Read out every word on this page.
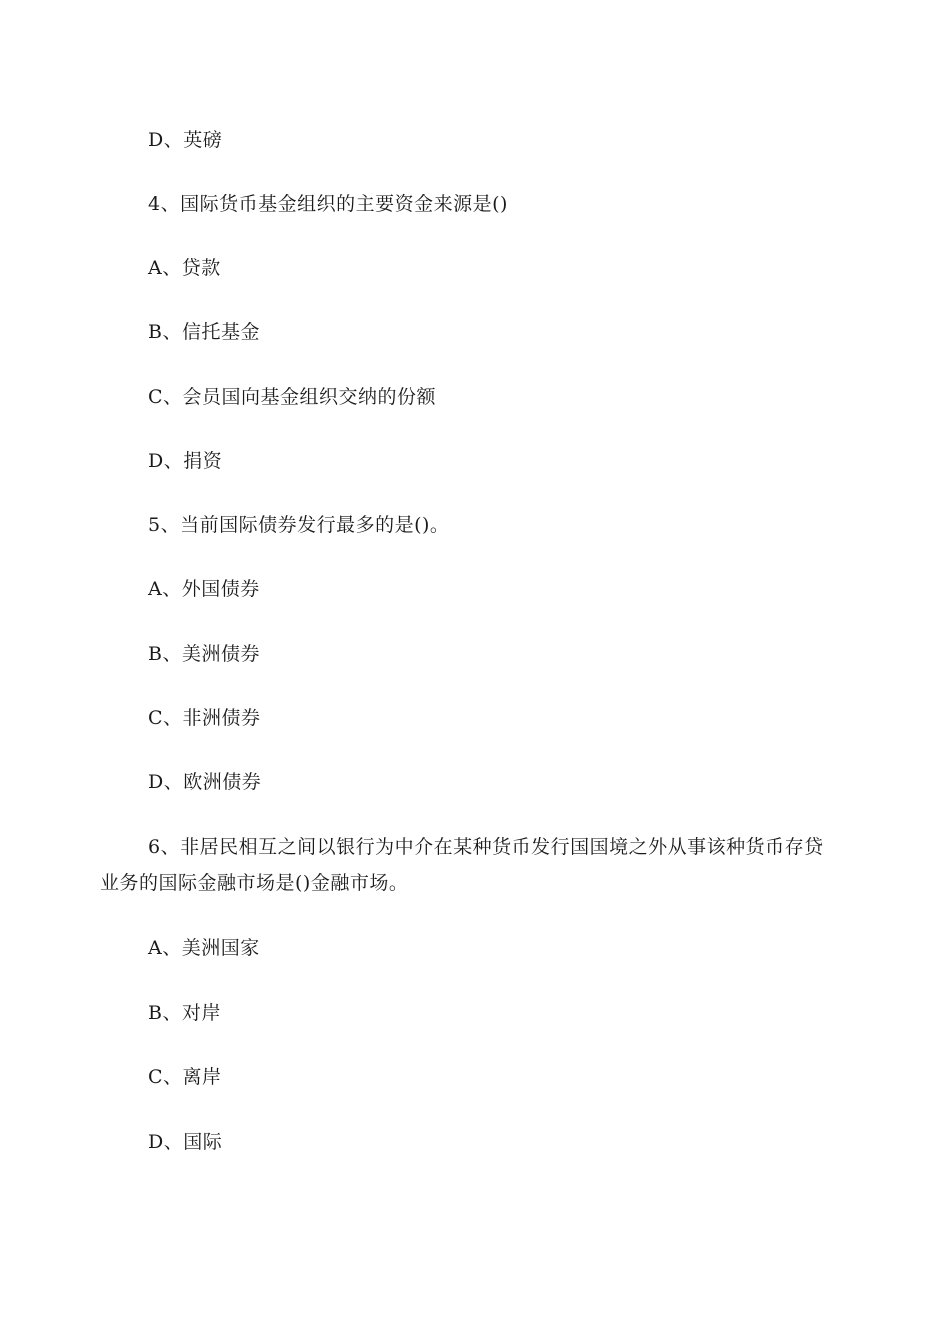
D、英磅
4、国际货币基金组织的主要资金来源是()
A、贷款
B、信托基金
C、会员国向基金组织交纳的份额
D、捐资
5、当前国际债券发行最多的是()。
A、外国债券
B、美洲债券
C、非洲债券
D、欧洲债券
6、非居民相互之间以银行为中介在某种货币发行国国境之外从事该种货币存贷业务的国际金融市场是()金融市场。
A、美洲国家
B、对岸
C、离岸
D、国际
